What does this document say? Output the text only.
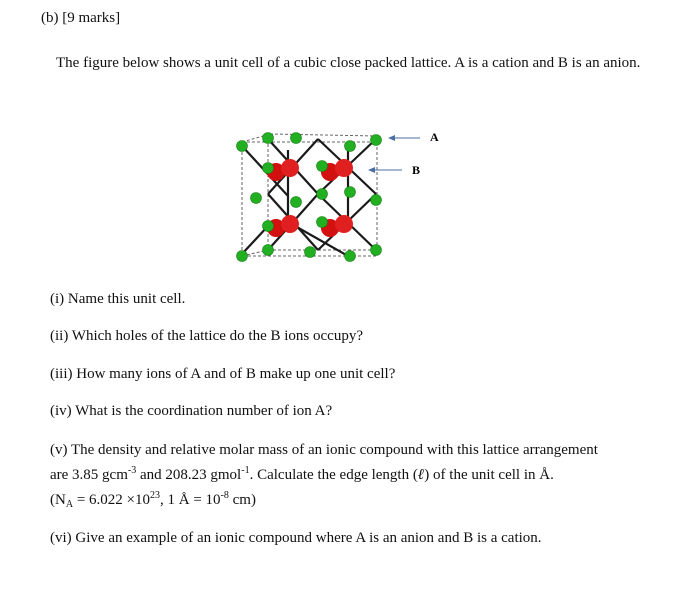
(b) [9 marks]
The figure below shows a unit cell of a cubic close packed lattice. A is a cation and B is an anion.
A
B
(i) Name this unit cell.
(ii) Which holes of the lattice do the B ions occupy?
(iii) How many ions of A and of B make up one unit cell?
(iv) What is the coordination number of ion A?
(v) The density and relative molar mass of an ionic compound with this lattice arrangement
are 3.85 gcm$^{-3}$ and 208.23 gmol$^{-1}$. Calculate the edge length (ℓ) of the unit cell in Å.
($N_A = 6.022 \times 10^{23}$, 1 Å = $10^{-8}$ cm)
(vi) Give an example of an ionic compound where A is an anion and B is a cation.
